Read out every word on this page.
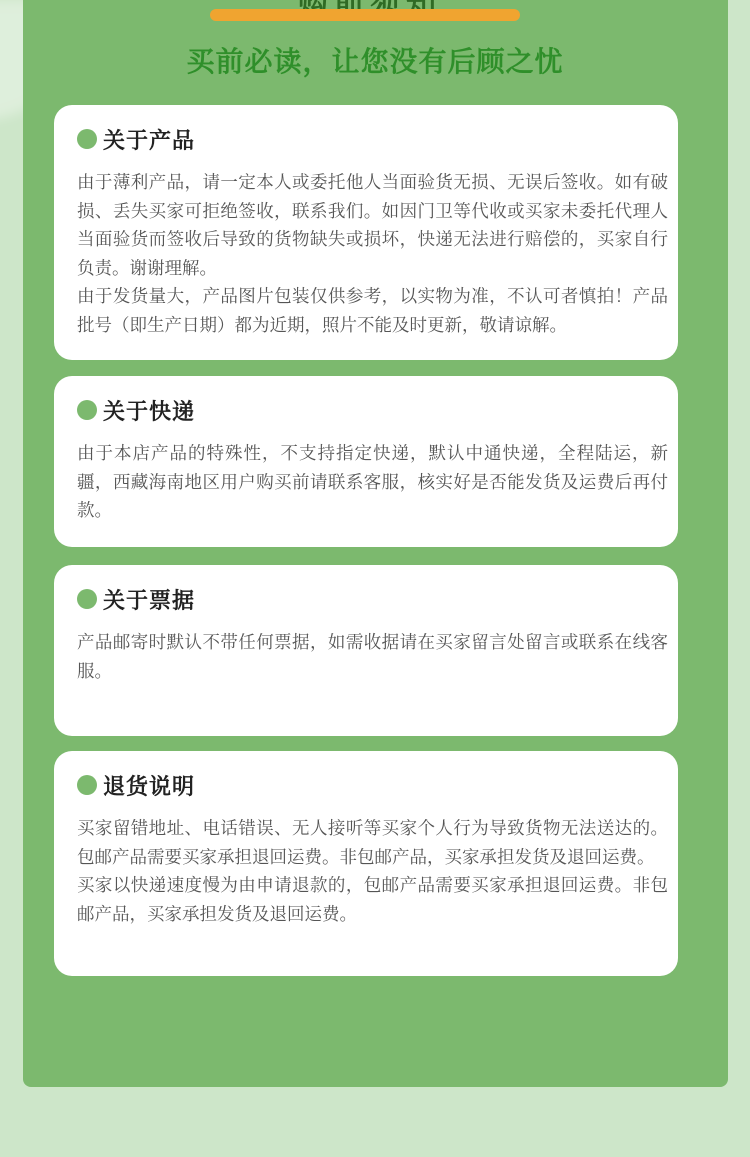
买前必读，让您没有后顾之忧
关于产品

由于薄利产品，请一定本人或委托他人当面验货无损、无误后签收。如有破损、丢失买家可拒绝签收，联系我们。如因门卫等代收或买家未委托代理人当面验货而签收后导致的货物缺失或损坏，快递无法进行赔偿的，买家自行负责。谢谢理解。

由于发货量大，产品图片包装仅供参考，以实物为准，不认可者慎拍！产品批号（即生产日期）都为近期，照片不能及时更新，敬请谅解。

关于快递

由于本店产品的特殊性，不支持指定快递，默认中通快递，全程陆运，新疆，西藏海南地区用户购买前请联系客服，核实好是否能发货及运费后再付款。

关于票据

产品邮寄时默认不带任何票据，如需收据请在买家留言处留言或联系在线客服。

退货说明

买家留错地址、电话错误、无人接听等买家个人行为导致货物无法送达的。包邮产品需要买家承担退回运费。非包邮产品，买家承担发货及退回运费。

买家以快递速度慢为由申请退款的，包邮产品需要买家承担退回运费。非包邮产品，买家承担发货及退回运费。
